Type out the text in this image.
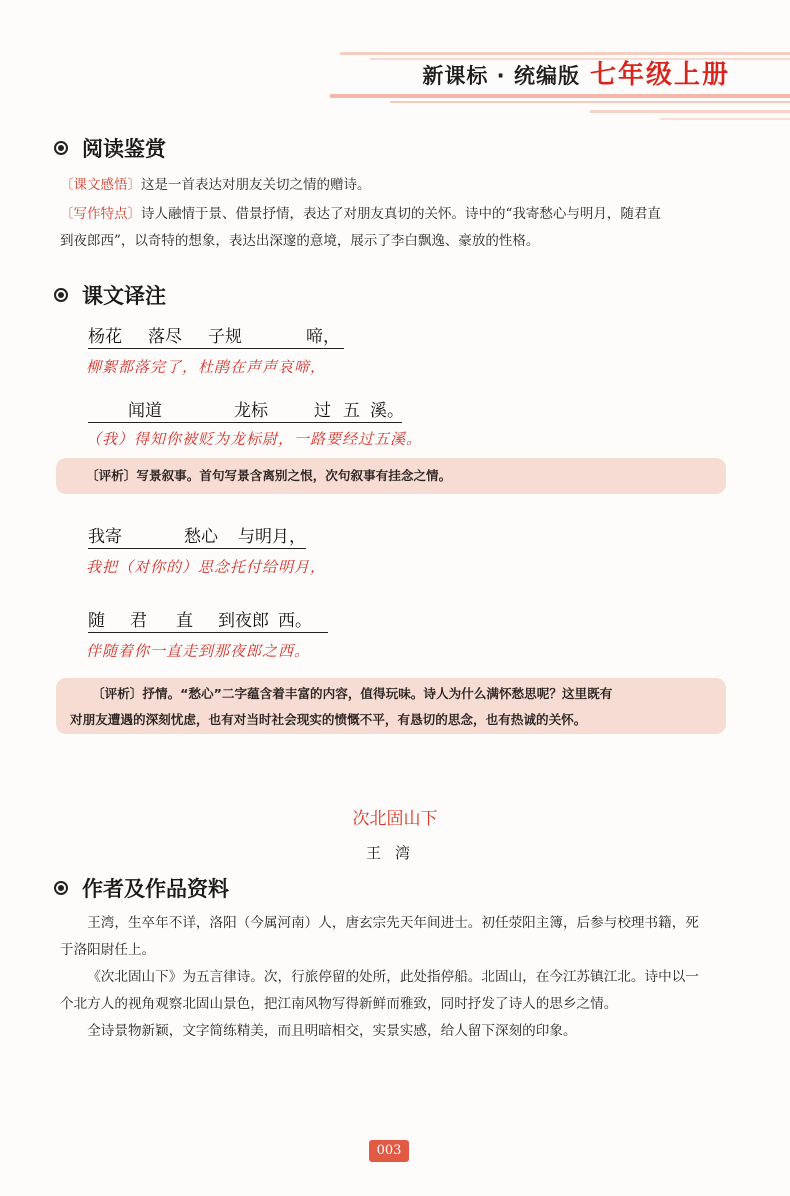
新课标 · 统编版 七年级上册
阅读鉴赏
〔课文感悟〕这是一首表达对朋友关切之情的赠诗。
〔写作特点〕诗人融情于景、借景抒情，表达了对朋友真切的关怀。诗中的“我寄愁心与明月，随君直
到夜郎西”，以奇特的想象，表达出深邃的意境，展示了李白飘逸、豪放的性格。
课文译注
杨花 落尽 子规	啼，
柳絮都落完了，杜鹃在声声哀啼，
闻道	龙标	过 五 溪。
（我）得知你被贬为龙标尉，一路要经过五溪。
〔评析〕写景叙事。首句写景含离别之恨，次句叙事有挂念之情。
我寄	愁心 与明月，
我把（对你的）思念托付给明月，
随 君 直 到夜郎 西。
伴随着你一直走到那夜郎之西。
〔评析〕抒情。“愁心”二字蕴含着丰富的内容，值得玩味。诗人为什么满怀愁思呢？这里既有
对朋友遭遇的深刻忧虑，也有对当时社会现实的愤慨不平，有恳切的思念，也有热诚的关怀。
次北固山下
王湾
作者及作品资料

王湾，生卒年不详，洛阳（今属河南）人，唐玄宗先天年间进士。初任荥阳主簿，后参与校理书籍，死

于洛阳尉任上。

《次北固山下》为五言律诗。次，行旅停留的处所，此处指停船。北固山，在今江苏镇江北。诗中以一

个北方人的视角观察北固山景色，把江南风物写得新鲜而雅致，同时抒发了诗人的思乡之情。

全诗景物新颖，文字简练精美，而且明暗相交，实景实感，给人留下深刻的印象。

003
